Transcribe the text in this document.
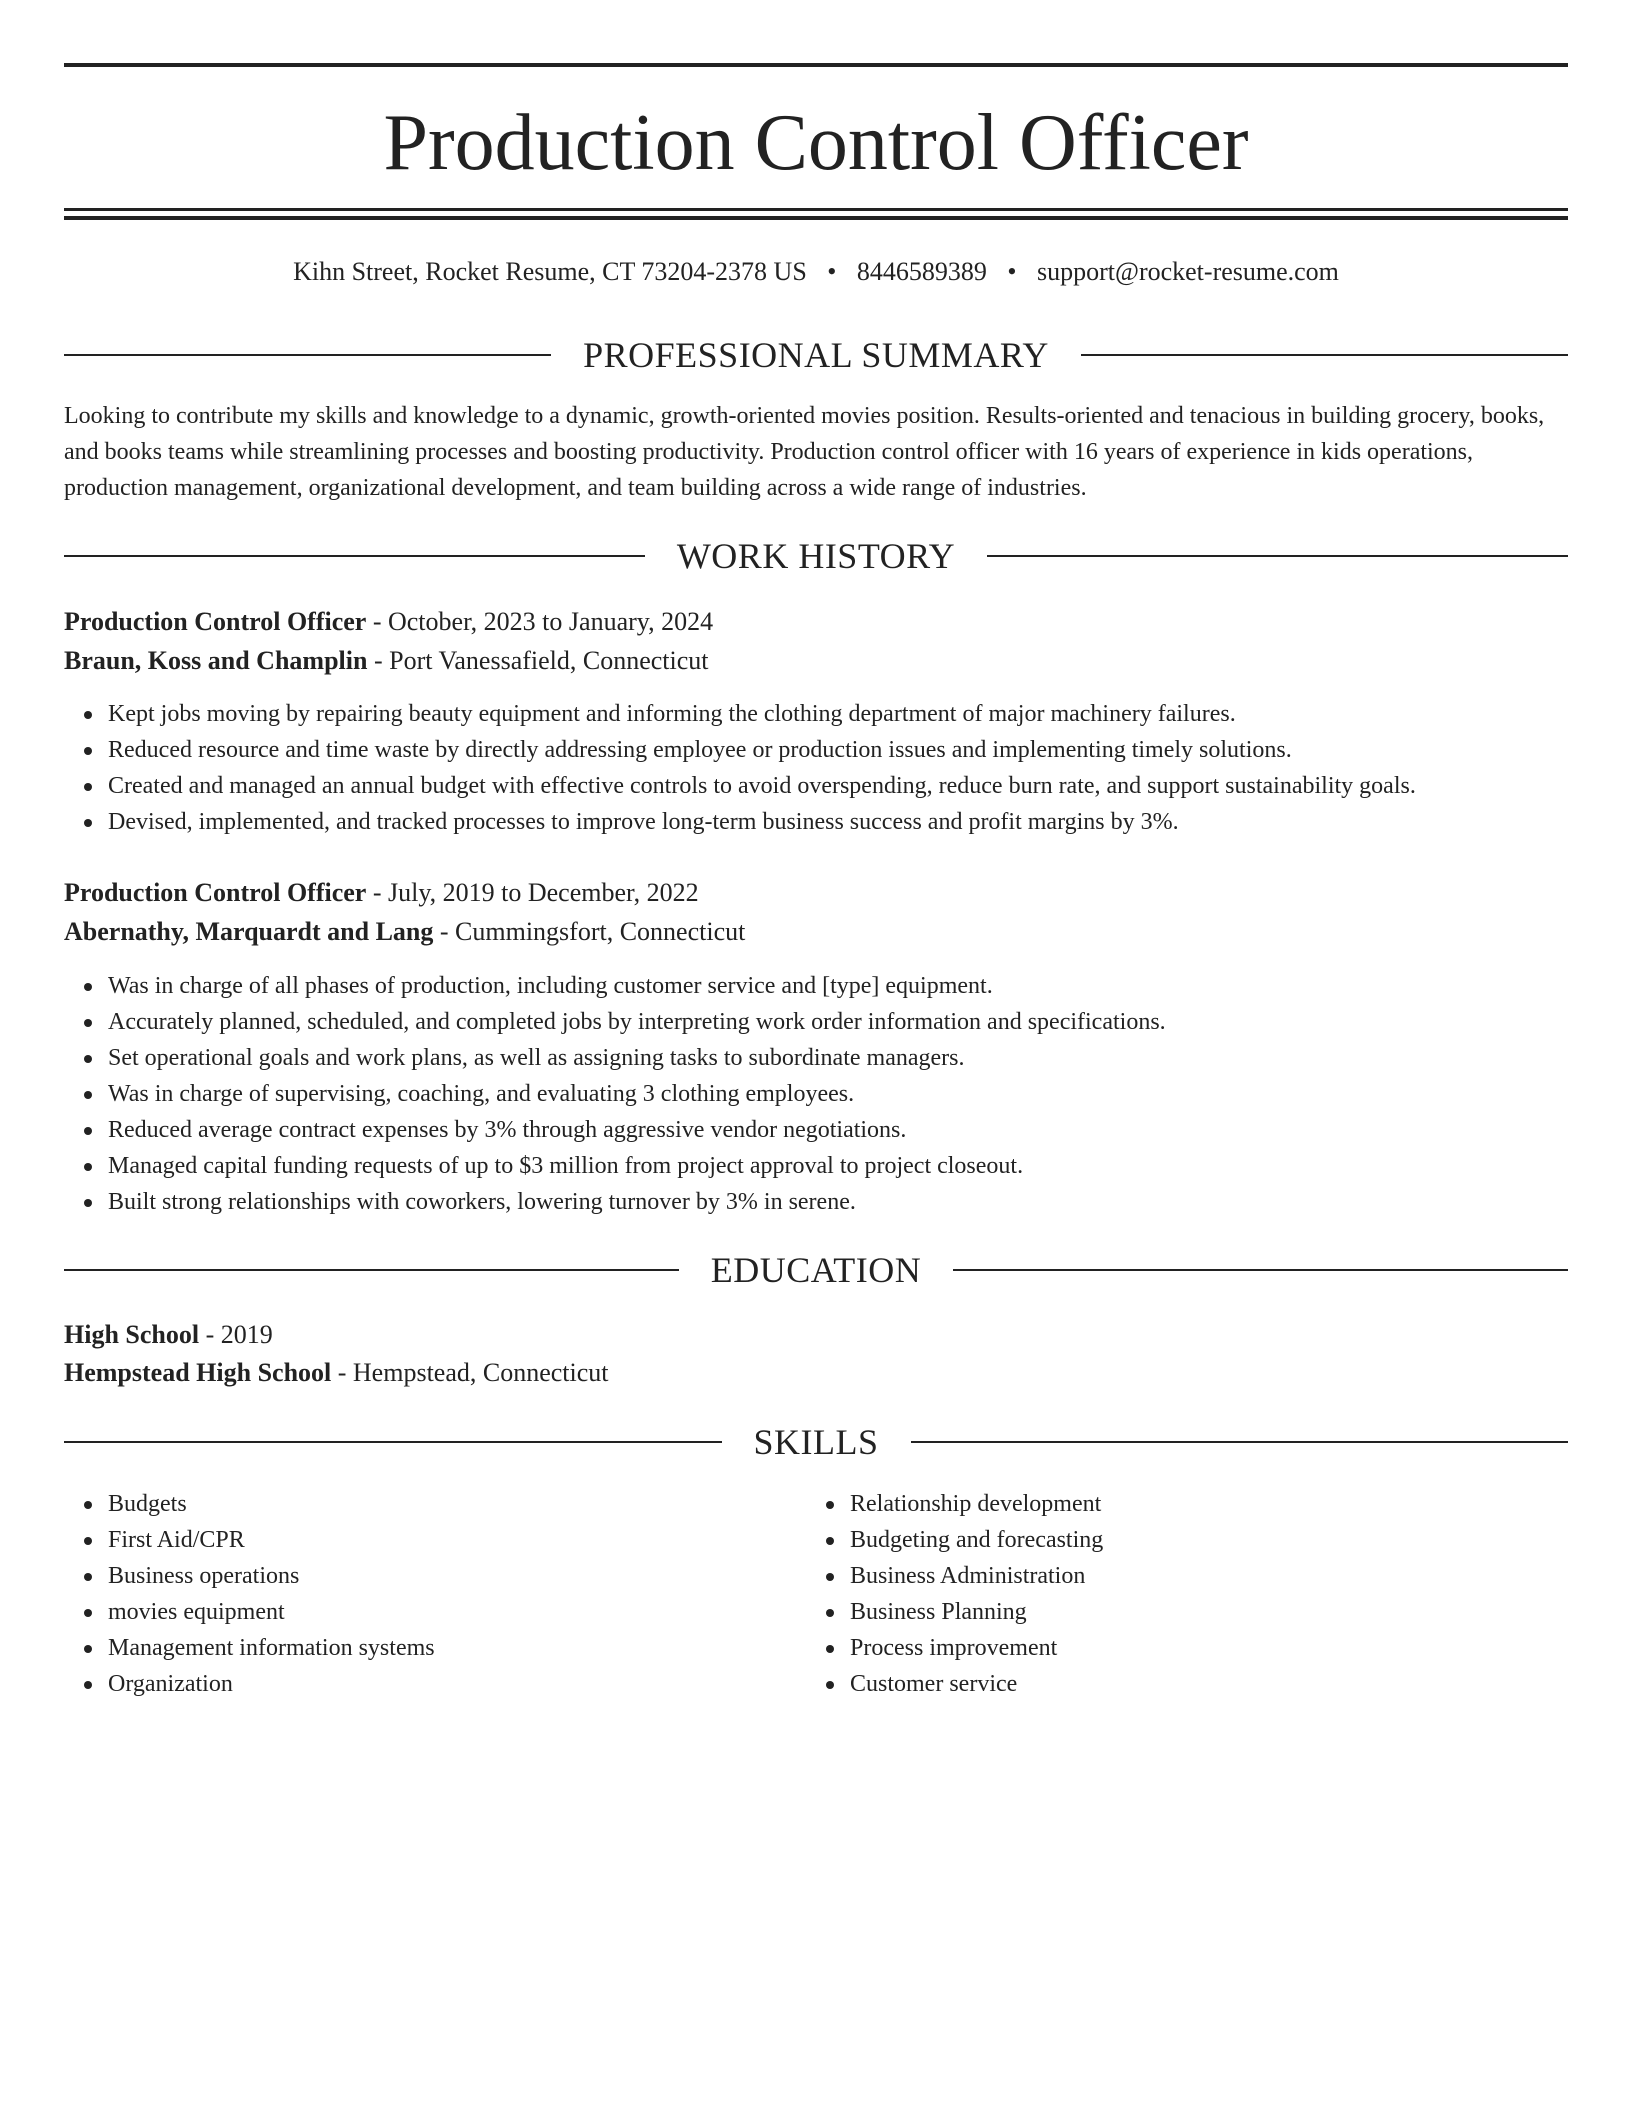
Production Control Officer
Kihn Street, Rocket Resume, CT 73204-2378 US • 8446589389 • support@rocket-resume.com
PROFESSIONAL SUMMARY

Looking to contribute my skills and knowledge to a dynamic, growth-oriented movies position. Results-oriented and tenacious in building grocery, books, and books teams while streamlining processes and boosting productivity. Production control officer with 16 years of experience in kids operations, production management, organizational development, and team building across a wide range of industries.

WORK HISTORY
Production Control Officer - October, 2023 to January, 2024
Braun, Koss and Champlin - Port Vanessafield, Connecticut
Kept jobs moving by repairing beauty equipment and informing the clothing department of major machinery failures.
Reduced resource and time waste by directly addressing employee or production issues and implementing timely solutions.
Created and managed an annual budget with effective controls to avoid overspending, reduce burn rate, and support sustainability goals.
Devised, implemented, and tracked processes to improve long-term business success and profit margins by 3%.
Production Control Officer - July, 2019 to December, 2022
Abernathy, Marquardt and Lang - Cummingsfort, Connecticut
Was in charge of all phases of production, including customer service and [type] equipment.
Accurately planned, scheduled, and completed jobs by interpreting work order information and specifications.
Set operational goals and work plans, as well as assigning tasks to subordinate managers.
Was in charge of supervising, coaching, and evaluating 3 clothing employees.
Reduced average contract expenses by 3% through aggressive vendor negotiations.
Managed capital funding requests of up to $3 million from project approval to project closeout.
Built strong relationships with coworkers, lowering turnover by 3% in serene.
EDUCATION
High School - 2019
Hempstead High School - Hempstead, Connecticut
SKILLS
Budgets
First Aid/CPR
Business operations
movies equipment
Management information systems
Organization
Relationship development
Budgeting and forecasting
Business Administration
Business Planning
Process improvement
Customer service
